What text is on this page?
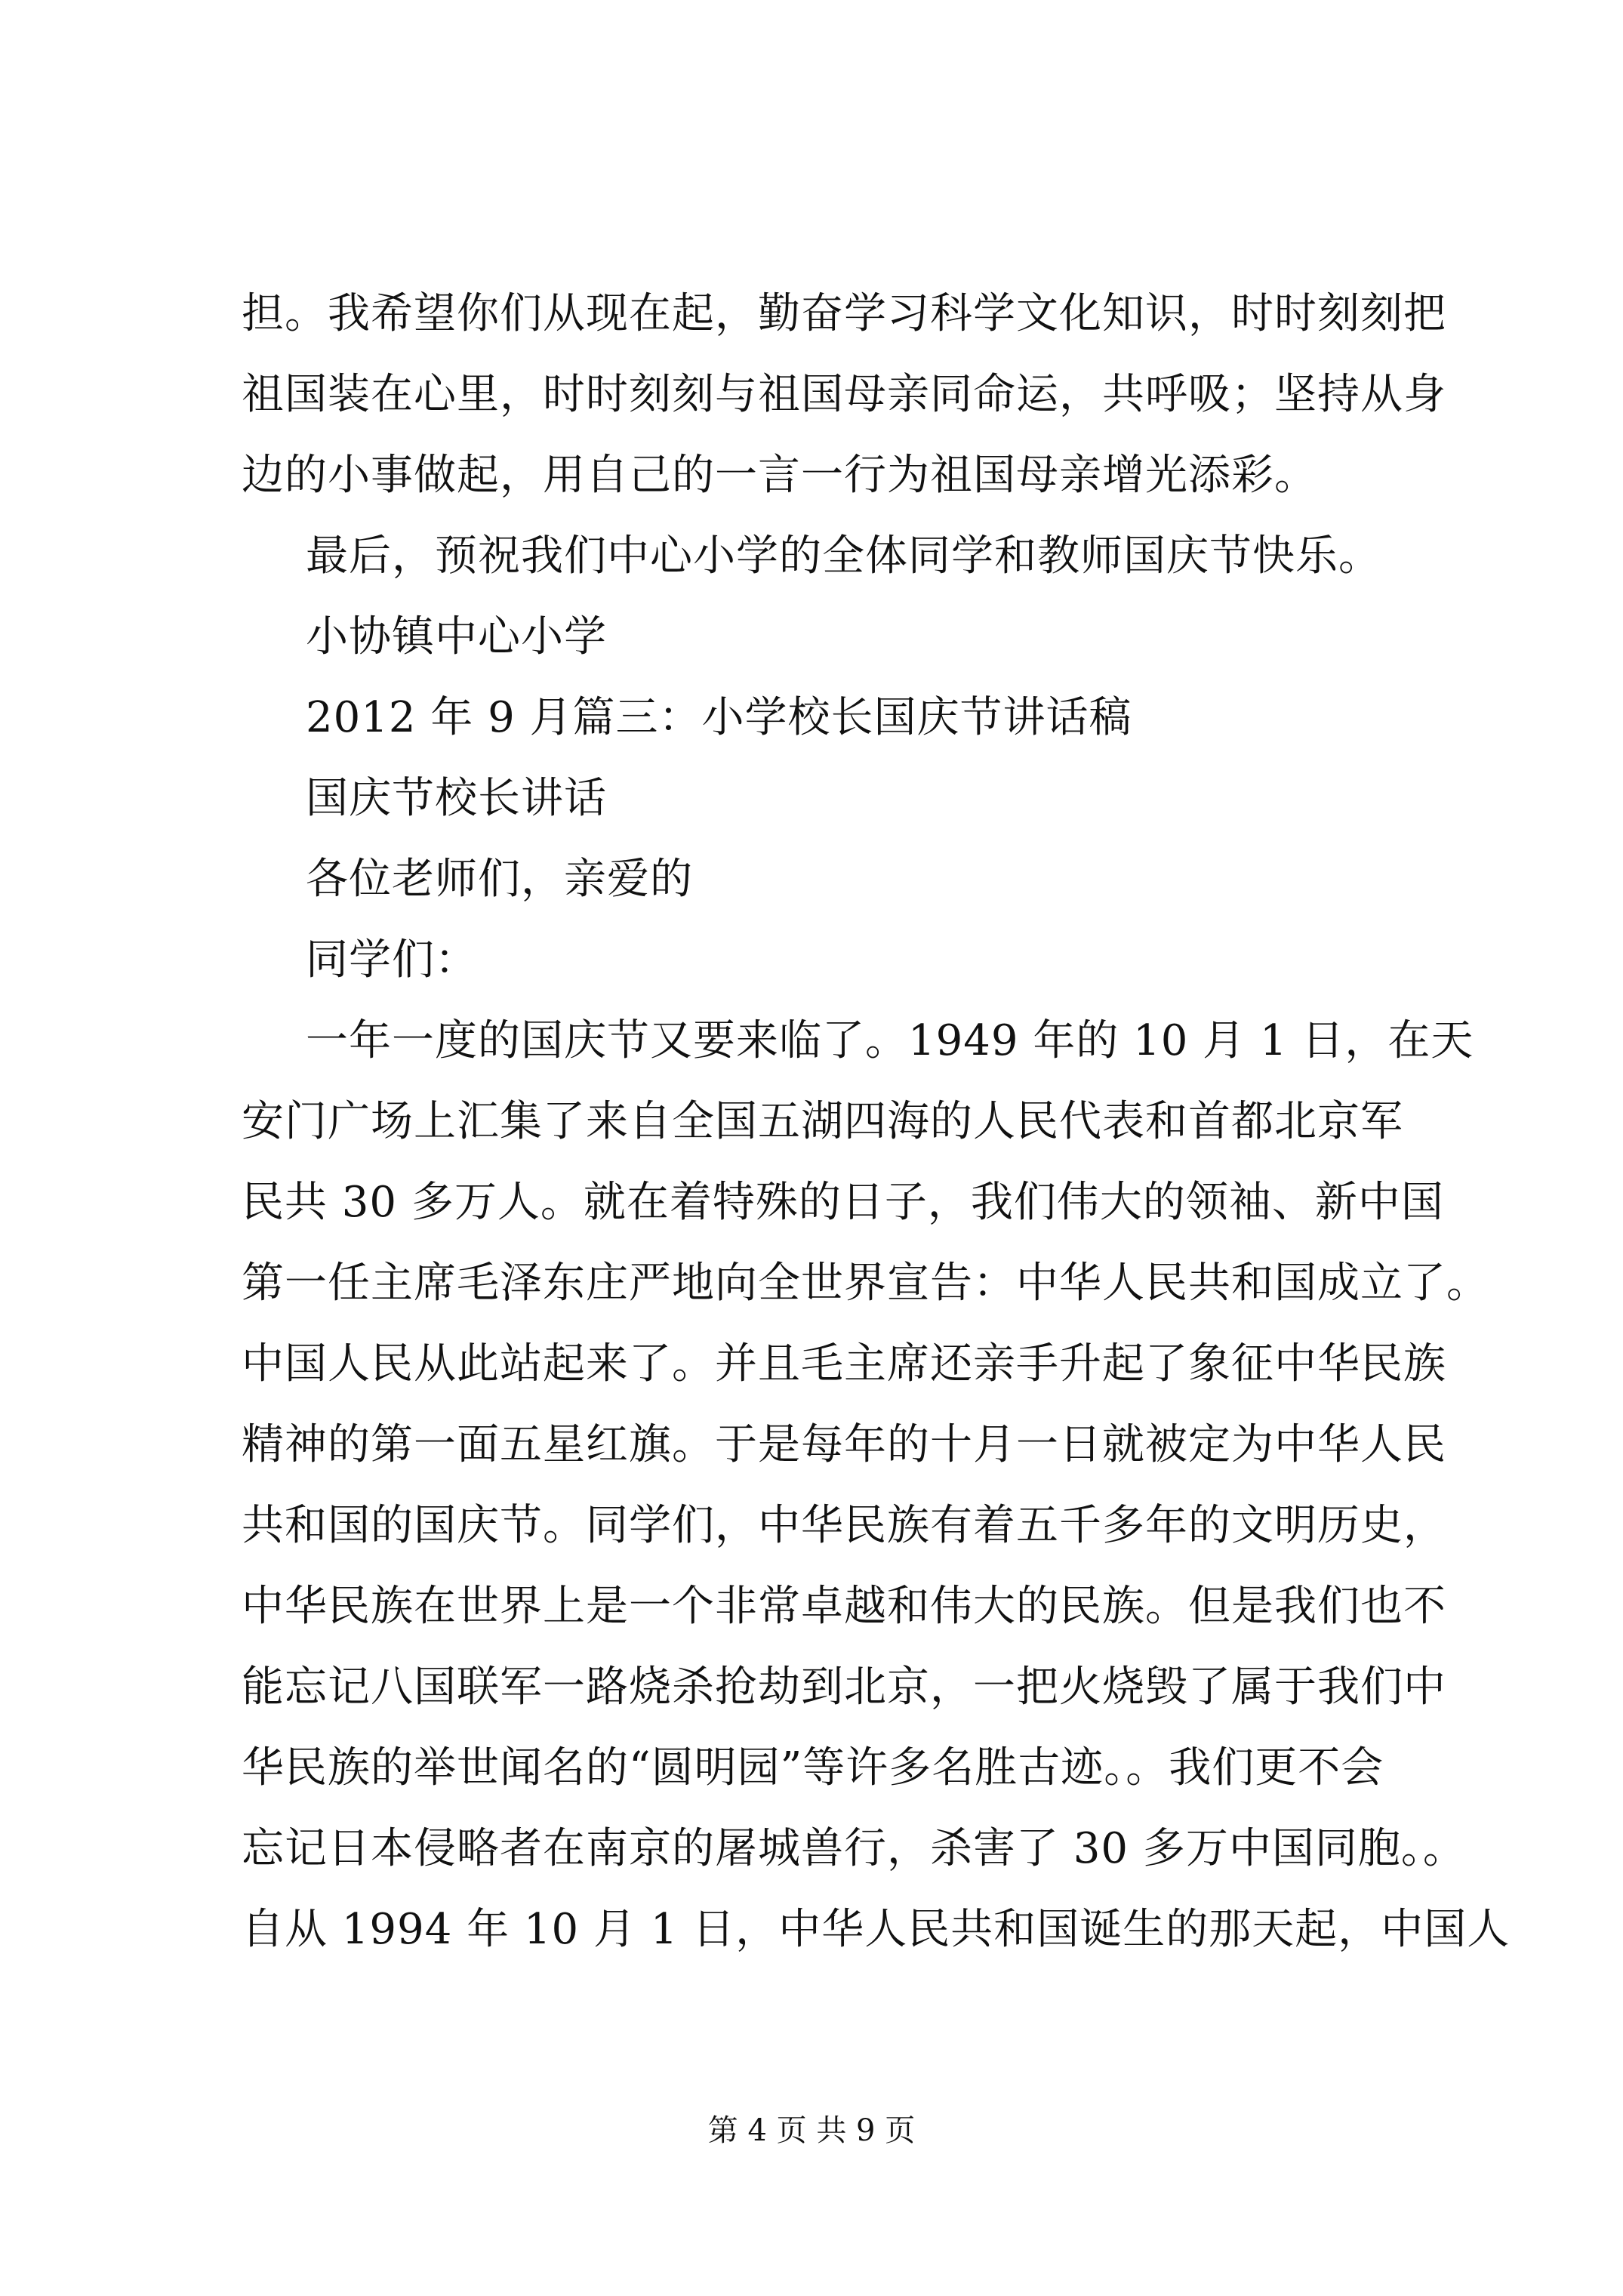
担。我希望你们从现在起，勤奋学习科学文化知识，时时刻刻把
祖国装在心里，时时刻刻与祖国母亲同命运，共呼吸；坚持从身
边的小事做起，用自己的一言一行为祖国母亲增光添彩。
最后，预祝我们中心小学的全体同学和教师国庆节快乐。
小协镇中心小学
2012 年 9 月篇三：小学校长国庆节讲话稿
国庆节校长讲话
各位老师们，亲爱的
同学们：
一年一度的国庆节又要来临了。1949 年的 10 月 1 日，在天
安门广场上汇集了来自全国五湖四海的人民代表和首都北京军
民共 30 多万人。就在着特殊的日子，我们伟大的领袖、新中国
第一任主席毛泽东庄严地向全世界宣告：中华人民共和国成立了。
中国人民从此站起来了。并且毛主席还亲手升起了象征中华民族
精神的第一面五星红旗。于是每年的十月一日就被定为中华人民
共和国的国庆节。同学们，中华民族有着五千多年的文明历史，
中华民族在世界上是一个非常卓越和伟大的民族。但是我们也不
能忘记八国联军一路烧杀抢劫到北京，一把火烧毁了属于我们中
华民族的举世闻名的“圆明园”等许多名胜古迹。。我们更不会
忘记日本侵略者在南京的屠城兽行，杀害了 30 多万中国同胞。。
自从 1994 年 10 月 1 日，中华人民共和国诞生的那天起，中国人
第 4 页 共 9 页
